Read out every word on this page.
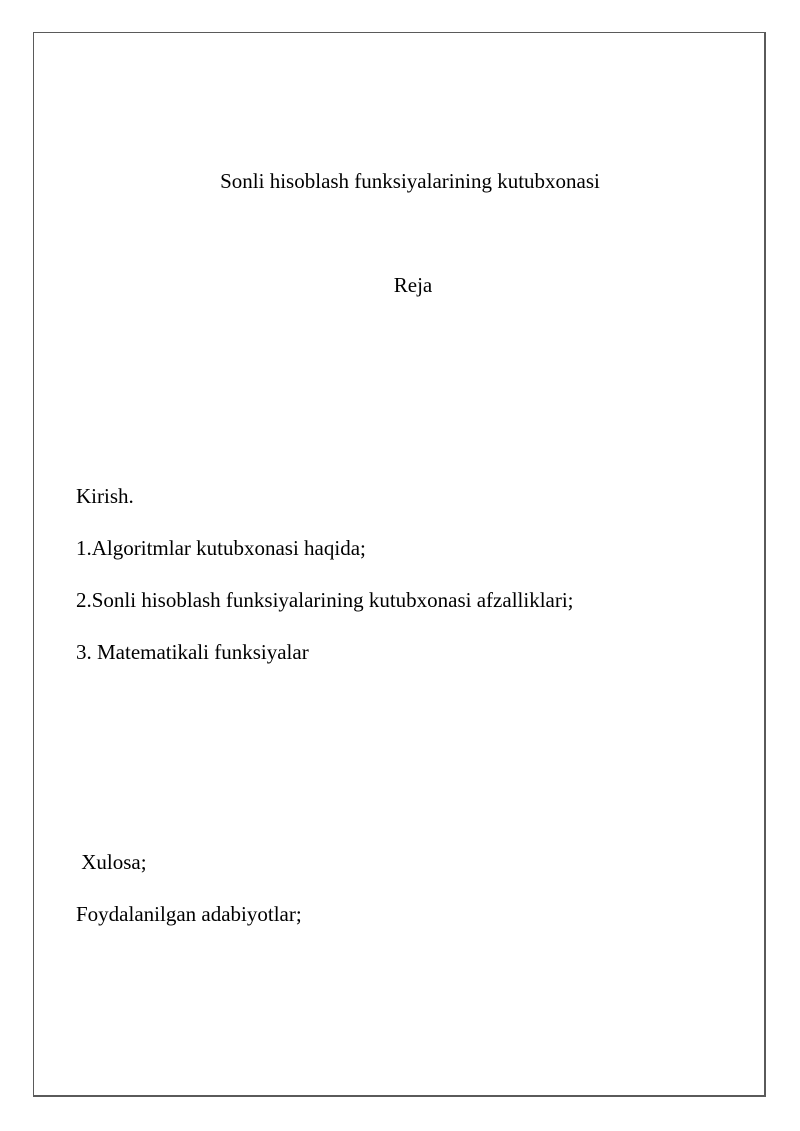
Sonli hisoblash funksiyalarining kutubxonasi
Reja
Kirish.
1.Algoritmlar kutubxonasi haqida;
2.Sonli hisoblash funksiyalarining kutubxonasi afzalliklari;
3. Matematikali funksiyalar
Xulosa;
Foydalanilgan adabiyotlar;
